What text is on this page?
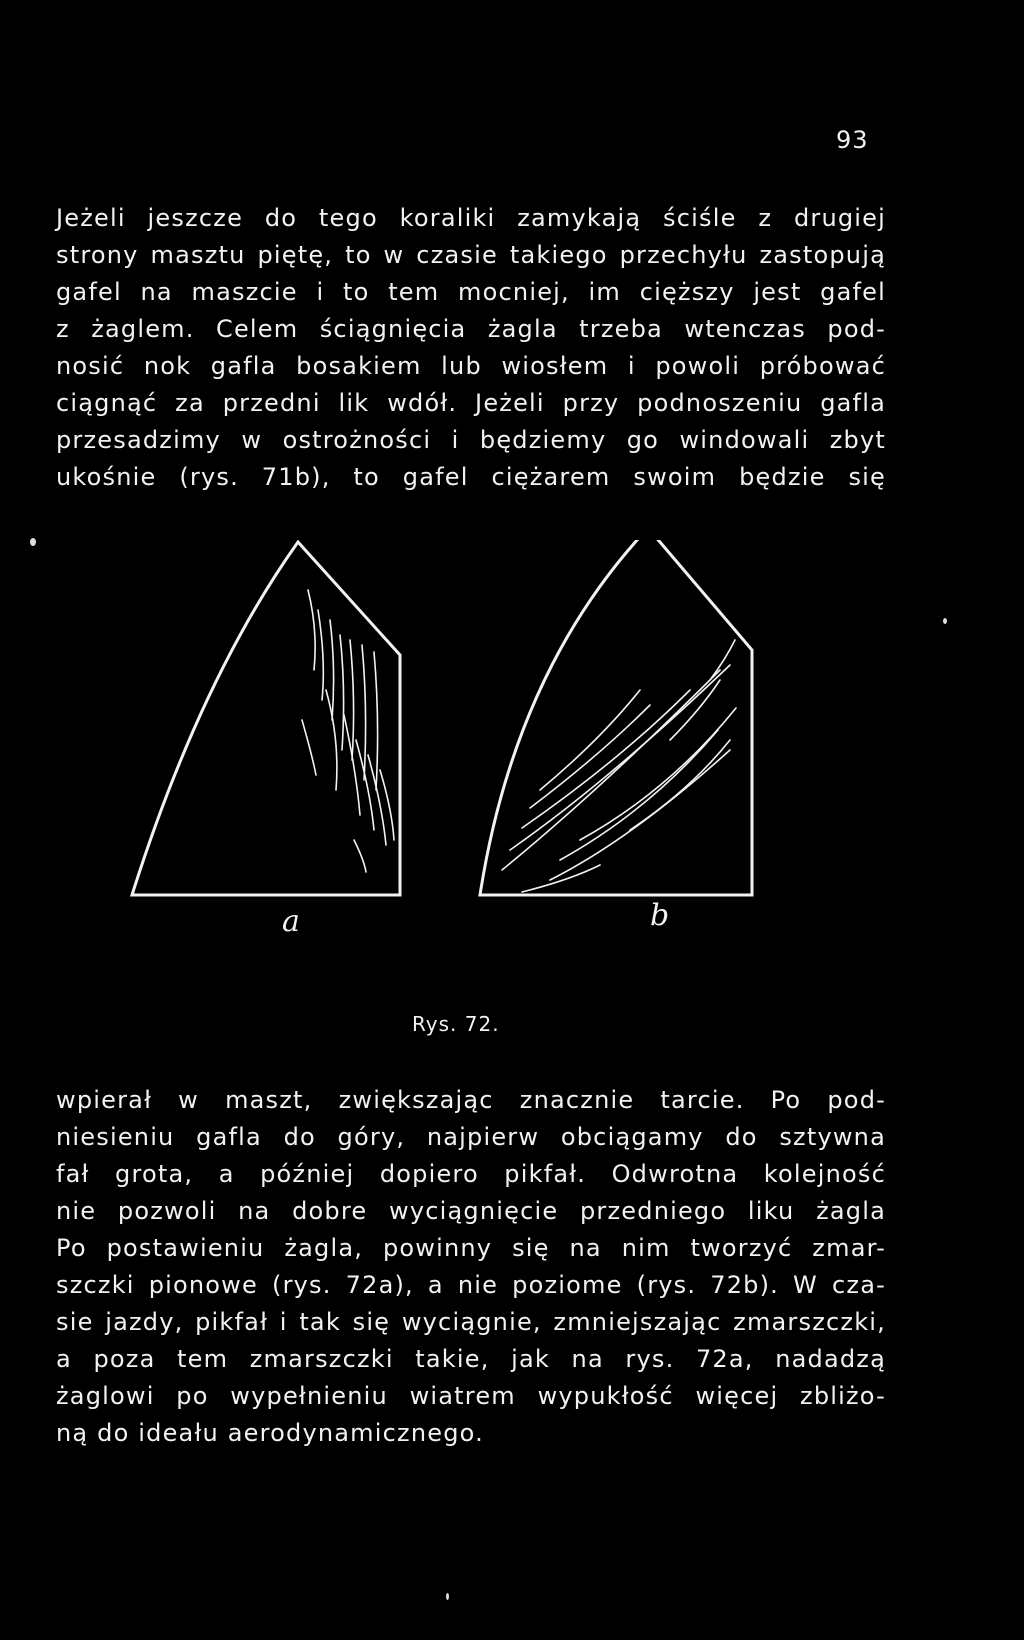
93
Jeżeli jeszcze do tego koraliki zamykają ściśle z drugiej
strony masztu piętę, to w czasie takiego przechyłu zastopują
gafel na maszcie i to tem mocniej, im cięższy jest gafel
z żaglem. Celem ściągnięcia żagla trzeba wtenczas pod-
nosić nok gafla bosakiem lub wiosłem i powoli próbować
ciągnąć za przedni lik wdół. Jeżeli przy podnoszeniu gafla
przesadzimy w ostrożności i będziemy go windowali zbyt
ukośnie (rys. 71b), to gafel ciężarem swoim będzie się
a	b
Rys. 72.
wpierał w maszt, zwiększając znacznie tarcie. Po pod-
niesieniu gafla do góry, najpierw obciągamy do sztywna
fał grota, a później dopiero pikfał. Odwrotna kolejność
nie pozwoli na dobre wyciągnięcie przedniego liku żagla
Po postawieniu żagla, powinny się na nim tworzyć zmar-
szczki pionowe (rys. 72a), a nie poziome (rys. 72b). W cza-
sie jazdy, pikfał i tak się wyciągnie, zmniejszając zmarszczki,
a poza tem zmarszczki takie, jak na rys. 72a, nadadzą
żaglowi po wypełnieniu wiatrem wypukłość więcej zbliżo-
ną do ideału aerodynamicznego.
